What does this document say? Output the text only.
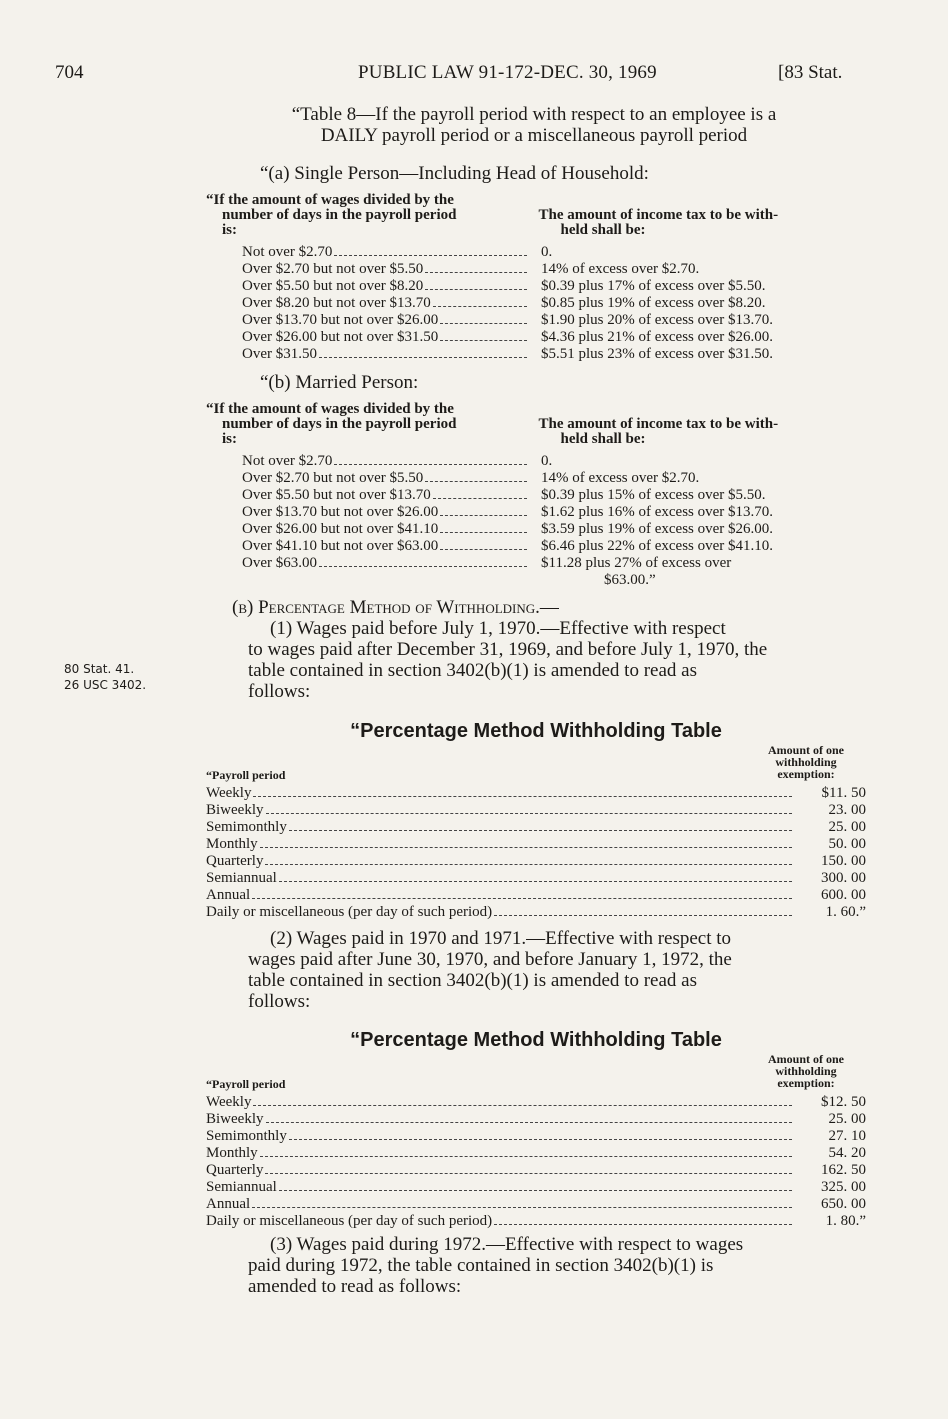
704	PUBLIC LAW 91-172-DEC. 30, 1969	[83 Stat.
“Table 8—If the payroll period with respect to an employee is a
DAILY payroll period or a miscellaneous payroll period
“(a) Single Person—Including Head of Household:
“If the amount of wages divided by the
number of days in the payroll period
is:
The amount of income tax to be with-
held shall be:
Not over $2.70	0.
Over $2.70 but not over $5.50	14% of excess over $2.70.
Over $5.50 but not over $8.20	$0.39 plus 17% of excess over $5.50.
Over $8.20 but not over $13.70	$0.85 plus 19% of excess over $8.20.
Over $13.70 but not over $26.00	$1.90 plus 20% of excess over $13.70.
Over $26.00 but not over $31.50	$4.36 plus 21% of excess over $26.00.
Over $31.50	$5.51 plus 23% of excess over $31.50.
“(b) Married Person:
“If the amount of wages divided by the
number of days in the payroll period
is:
The amount of income tax to be with-
held shall be:
Not over $2.70	0.
Over $2.70 but not over $5.50	14% of excess over $2.70.
Over $5.50 but not over $13.70	$0.39 plus 15% of excess over $5.50.
Over $13.70 but not over $26.00	$1.62 plus 16% of excess over $13.70.
Over $26.00 but not over $41.10	$3.59 plus 19% of excess over $26.00.
Over $41.10 but not over $63.00	$6.46 plus 22% of excess over $41.10.
Over $63.00	$11.28 plus 27% of excess over
$63.00.”
(b) Percentage Method of Withholding.—
(1) Wages paid before July 1, 1970.—Effective with respect
to wages paid after December 31, 1969, and before July 1, 1970, the
table contained in section 3402(b)(1) is amended to read as
follows:
80 Stat. 41.
26 USC 3402.
“Percentage Method Withholding Table
Amount of one
withholding
exemption:
“Payroll period
Weekly	$11. 50
Biweekly	23. 00
Semimonthly	25. 00
Monthly	50. 00
Quarterly	150. 00
Semiannual	300. 00
Annual	600. 00
Daily or miscellaneous (per day of such period)	1. 60.”
(2) Wages paid in 1970 and 1971.—Effective with respect to
wages paid after June 30, 1970, and before January 1, 1972, the
table contained in section 3402(b)(1) is amended to read as
follows:
“Percentage Method Withholding Table
Amount of one
withholding
exemption:
“Payroll period
Weekly	$12. 50
Biweekly	25. 00
Semimonthly	27. 10
Monthly	54. 20
Quarterly	162. 50
Semiannual	325. 00
Annual	650. 00
Daily or miscellaneous (per day of such period)	1. 80.”
(3) Wages paid during 1972.—Effective with respect to wages
paid during 1972, the table contained in section 3402(b)(1) is
amended to read as follows:
